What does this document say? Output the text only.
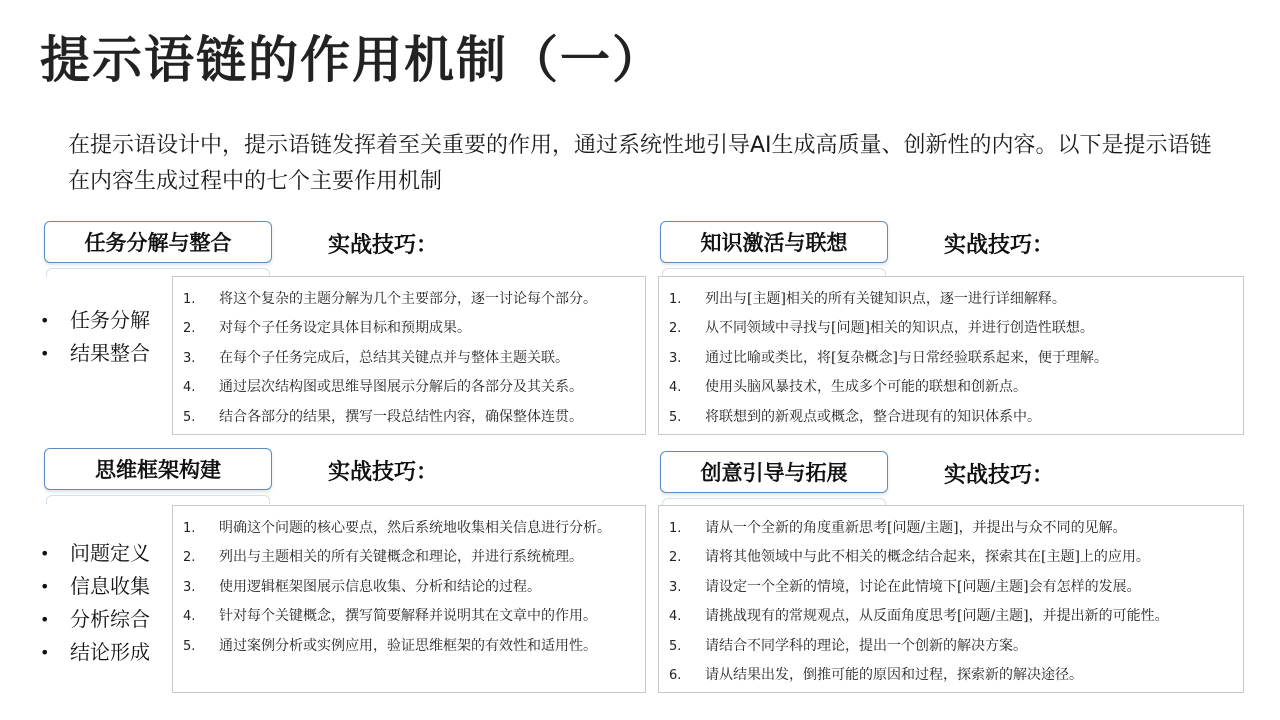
提示语链的作用机制（一）
在提示语设计中，提示语链发挥着至关重要的作用，通过系统性地引导AI生成高质量、创新性的内容。以下是提示语链在内容生成过程中的七个主要作用机制
任务分解与整合	实战技巧：
• 任务分解
• 结果整合
1. 将这个复杂的主题分解为几个主要部分，逐一讨论每个部分。
2. 对每个子任务设定具体目标和预期成果。
3. 在每个子任务完成后，总结其关键点并与整体主题关联。
4. 通过层次结构图或思维导图展示分解后的各部分及其关系。
5. 结合各部分的结果，撰写一段总结性内容，确保整体连贯。
知识激活与联想	实战技巧：
1. 列出与[主题]相关的所有关键知识点，逐一进行详细解释。
2. 从不同领域中寻找与[问题]相关的知识点，并进行创造性联想。
3. 通过比喻或类比，将[复杂概念]与日常经验联系起来，便于理解。
4. 使用头脑风暴技术，生成多个可能的联想和创新点。
5. 将联想到的新观点或概念，整合进现有的知识体系中。
思维框架构建	实战技巧：
• 问题定义
• 信息收集
• 分析综合
• 结论形成
1. 明确这个问题的核心要点，然后系统地收集相关信息进行分析。
2. 列出与主题相关的所有关键概念和理论，并进行系统梳理。
3. 使用逻辑框架图展示信息收集、分析和结论的过程。
4. 针对每个关键概念，撰写简要解释并说明其在文章中的作用。
5. 通过案例分析或实例应用，验证思维框架的有效性和适用性。
创意引导与拓展	实战技巧：
1. 请从一个全新的角度重新思考[问题/主题]，并提出与众不同的见解。
2. 请将其他领域中与此不相关的概念结合起来，探索其在[主题]上的应用。
3. 请设定一个全新的情境，讨论在此情境下[问题/主题]会有怎样的发展。
4. 请挑战现有的常规观点，从反面角度思考[问题/主题]，并提出新的可能性。
5. 请结合不同学科的理论，提出一个创新的解决方案。
6. 请从结果出发，倒推可能的原因和过程，探索新的解决途径。
